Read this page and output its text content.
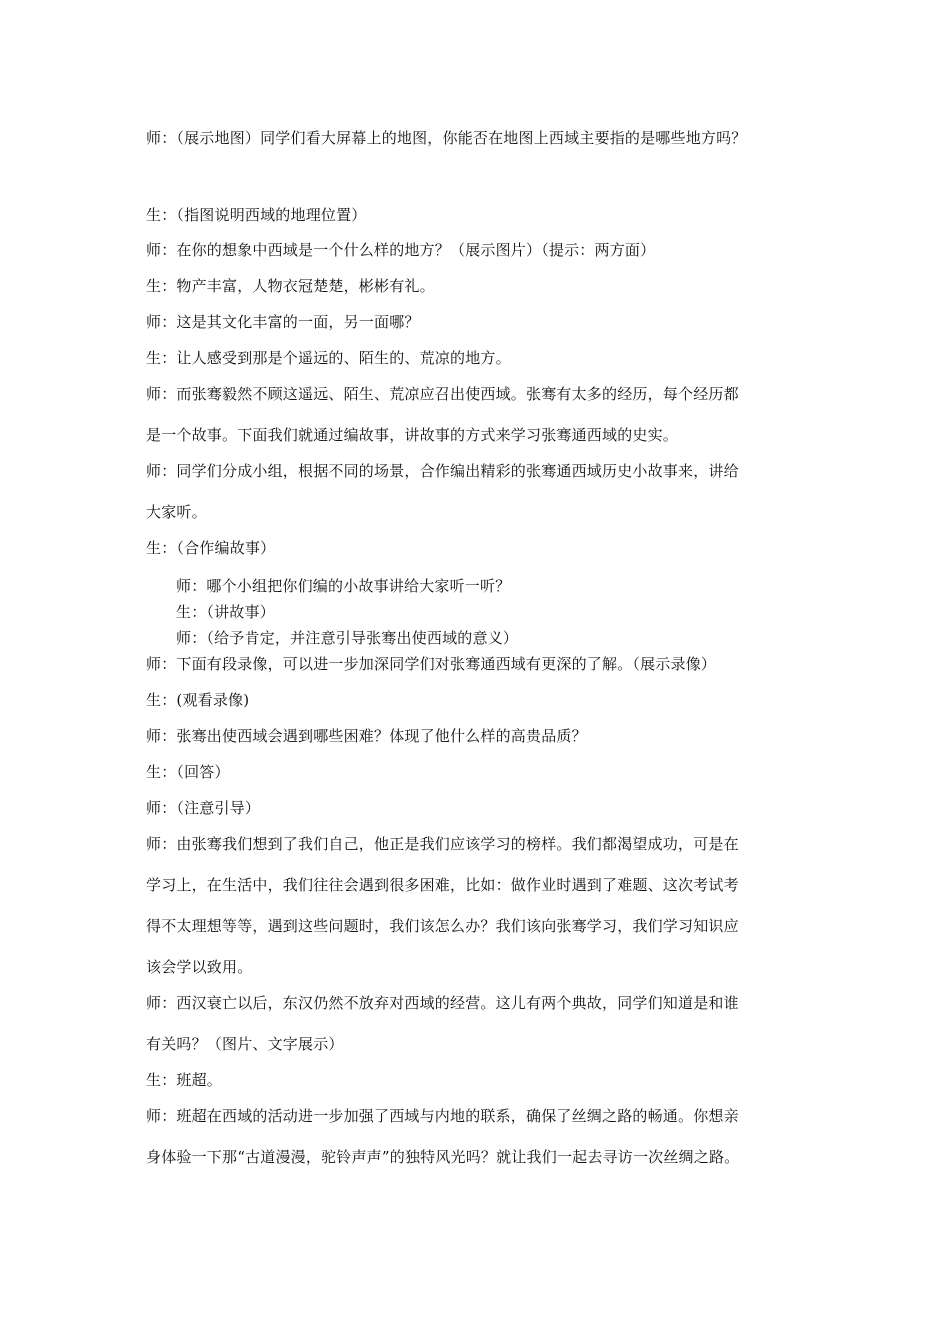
师：（展示地图）同学们看大屏幕上的地图，你能否在地图上西域主要指的是哪些地方吗？
生：（指图说明西域的地理位置）
师：在你的想象中西域是一个什么样的地方？（展示图片）（提示：两方面）
生：物产丰富，人物衣冠楚楚，彬彬有礼。
师：这是其文化丰富的一面，另一面哪？
生：让人感受到那是个遥远的、陌生的、荒凉的地方。
师：而张骞毅然不顾这遥远、陌生、荒凉应召出使西域。张骞有太多的经历，每个经历都
是一个故事。下面我们就通过编故事，讲故事的方式来学习张骞通西域的史实。
师：同学们分成小组，根据不同的场景，合作编出精彩的张骞通西域历史小故事来，讲给
大家听。
生：（合作编故事）
师：哪个小组把你们编的小故事讲给大家听一听？
生：（讲故事）
师：（给予肯定，并注意引导张骞出使西域的意义）
师：下面有段录像，可以进一步加深同学们对张骞通西域有更深的了解。（展示录像）
生：(观看录像)
师：张骞出使西域会遇到哪些困难？体现了他什么样的高贵品质？
生：（回答）
师：（注意引导）
师：由张骞我们想到了我们自己，他正是我们应该学习的榜样。我们都渴望成功，可是在
学习上，在生活中，我们往往会遇到很多困难，比如：做作业时遇到了难题、这次考试考
得不太理想等等，遇到这些问题时，我们该怎么办？我们该向张骞学习，我们学习知识应
该会学以致用。
师：西汉衰亡以后，东汉仍然不放弃对西域的经营。这儿有两个典故，同学们知道是和谁
有关吗？（图片、文字展示）
生：班超。
师：班超在西域的活动进一步加强了西域与内地的联系，确保了丝绸之路的畅通。你想亲
身体验一下那“古道漫漫，驼铃声声”的独特风光吗？就让我们一起去寻访一次丝绸之路。
